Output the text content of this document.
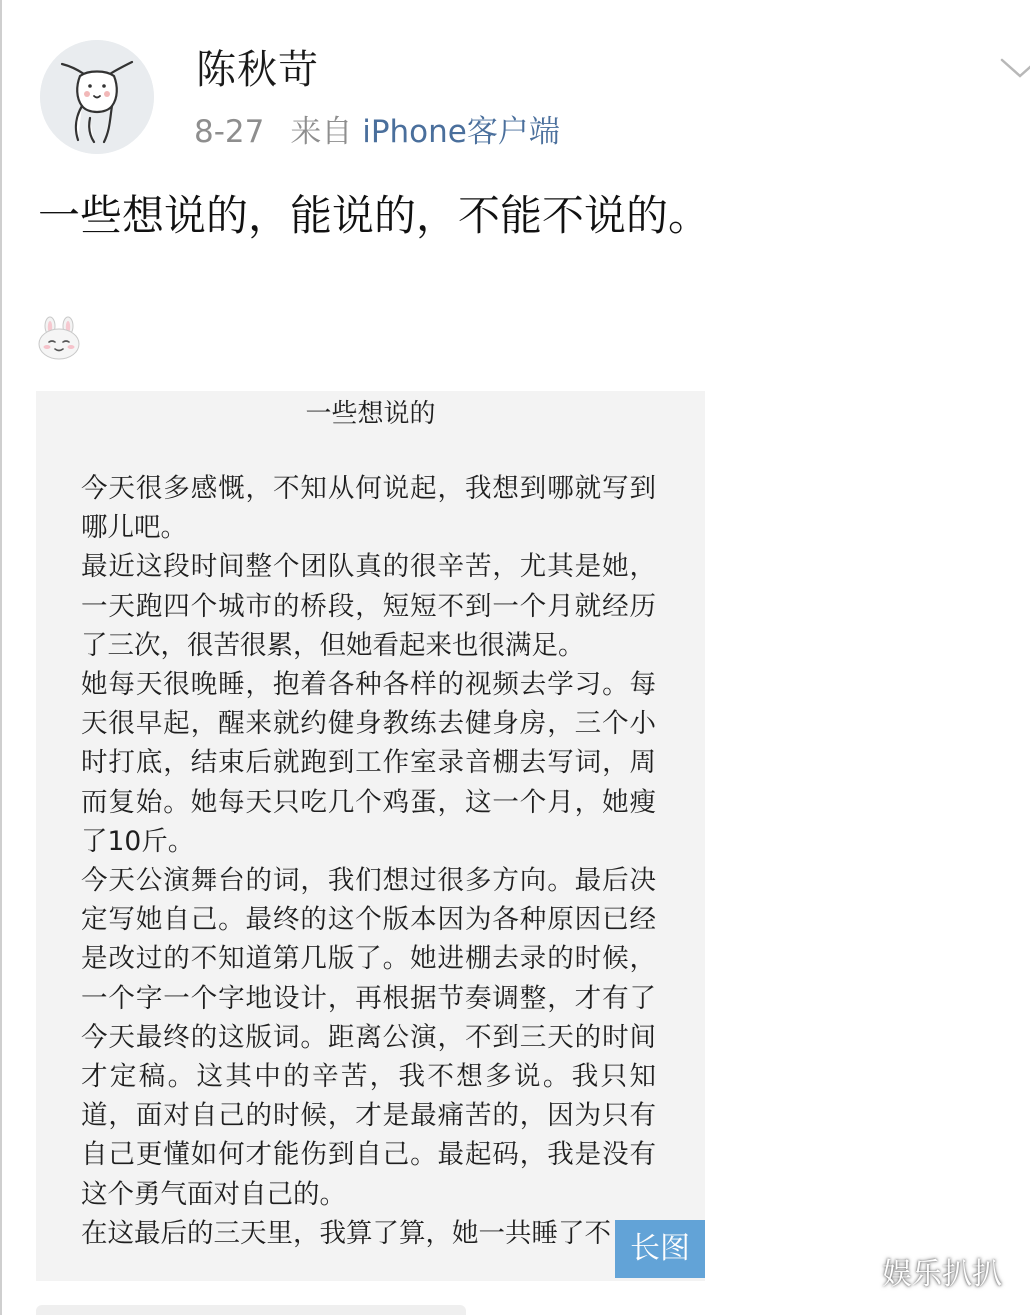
陈秋苛
8-27 来自 iPhone客户端
一些想说的，能说的，不能不说的。
一些想说的

今天很多感慨，不知从何说起，我想到哪就写到哪儿吧。

最近这段时间整个团队真的很辛苦，尤其是她，一天跑四个城市的桥段，短短不到一个月就经历了三次，很苦很累，但她看起来也很满足。

她每天很晚睡，抱着各种各样的视频去学习。每天很早起，醒来就约健身教练去健身房，三个小时打底，结束后就跑到工作室录音棚去写词，周而复始。她每天只吃几个鸡蛋，这一个月，她瘦了10斤。

今天公演舞台的词，我们想过很多方向。最后决定写她自己。最终的这个版本因为各种原因已经是改过的不知道第几版了。她进棚去录的时候，一个字一个字地设计，再根据节奏调整，才有了今天最终的这版词。距离公演，不到三天的时间才定稿。这其中的辛苦，我不想多说。我只知道，面对自己的时候，才是最痛苦的，因为只有自己更懂如何才能伤到自己。最起码，我是没有这个勇气面对自己的。

在这最后的三天里，我算了算，她一共睡了不 长图
娱乐扒扒
